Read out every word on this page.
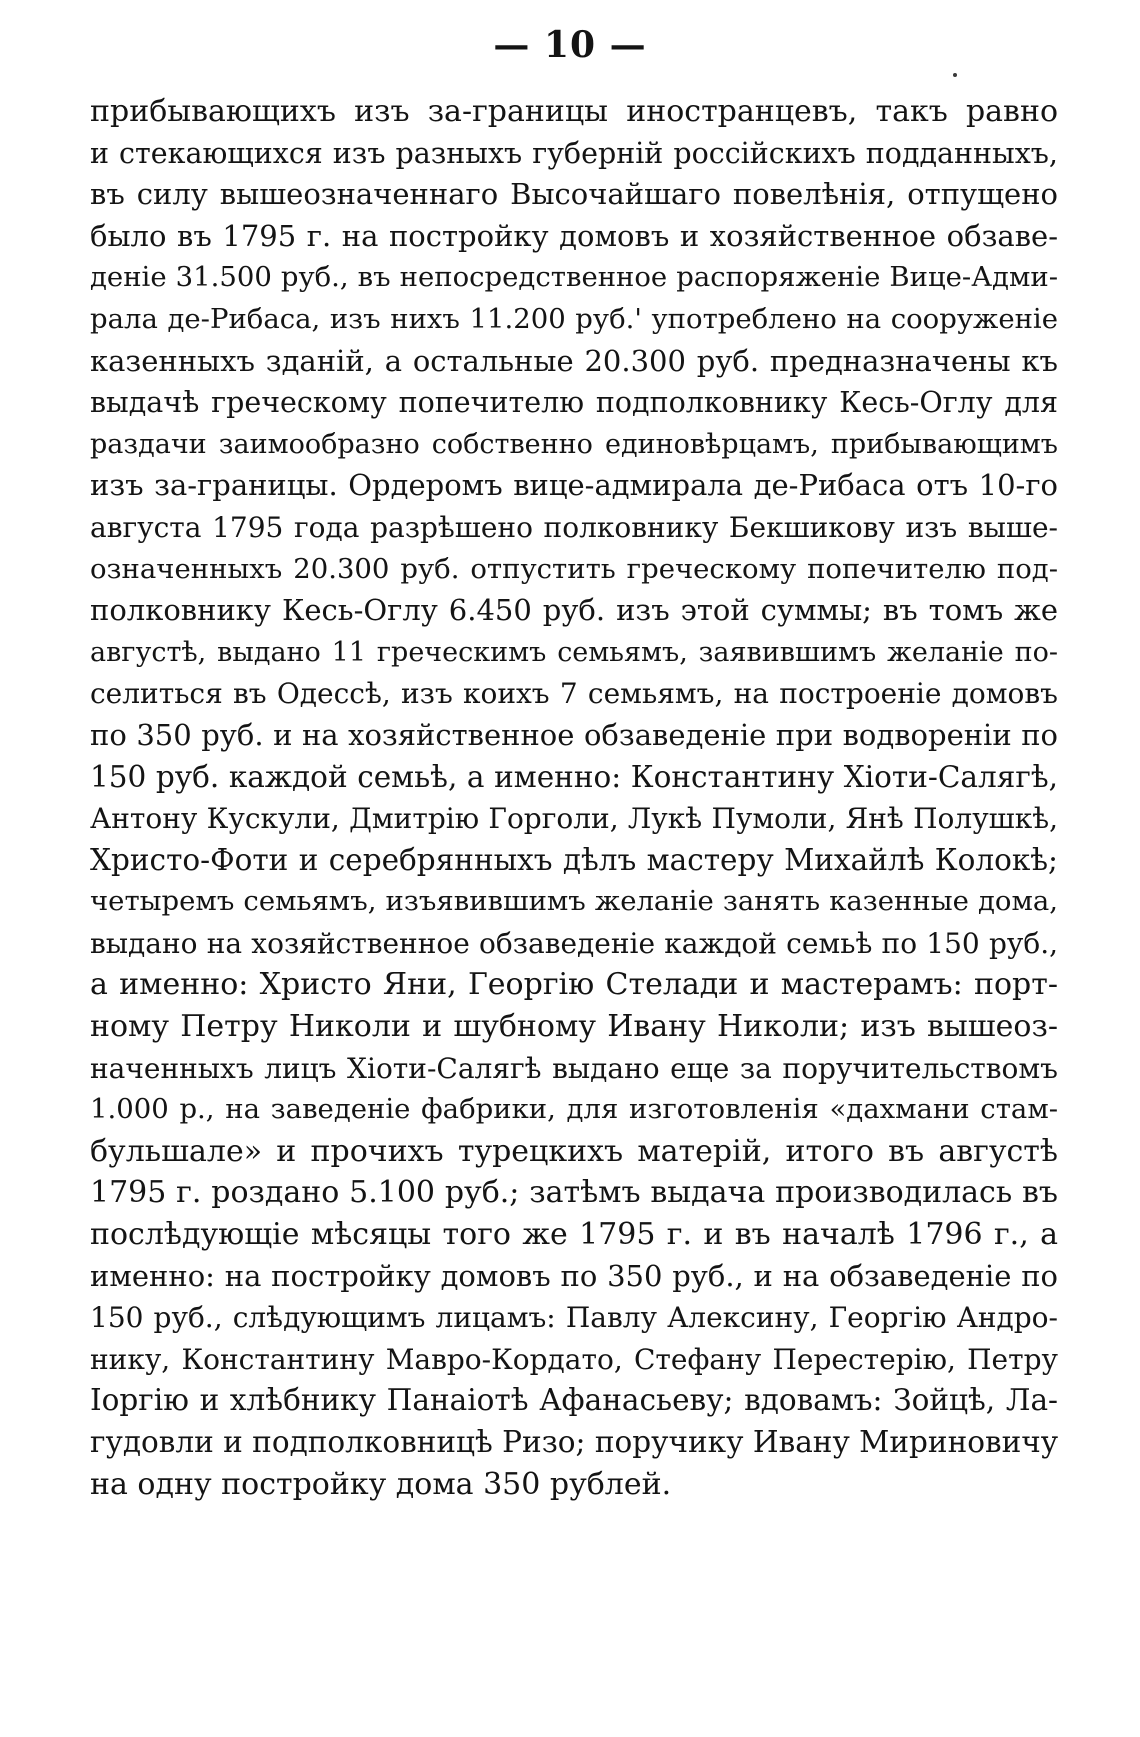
— 10 —
прибывающихъ изъ за-границы иностранцевъ, такъ равно
и стекающихся изъ разныхъ губерній россійскихъ подданныхъ,
въ силу вышеозначеннаго Высочайшаго повелѣнія, отпущено
было въ 1795 г. на постройку домовъ и хозяйственное обзаве-
деніе 31.500 руб., въ непосредственное распоряженіе Вице-Адми-
рала де-Рибаса, изъ нихъ 11.200 руб.' употреблено на сооруженіе
казенныхъ зданій, а остальные 20.300 руб. предназначены къ
выдачѣ греческому попечителю подполковнику Кесь-Оглу для
раздачи заимообразно собственно единовѣрцамъ, прибывающимъ
изъ за-границы. Ордеромъ вице-адмирала де-Рибаса отъ 10-го
августа 1795 года разрѣшено полковнику Бекшикову изъ выше-
означенныхъ 20.300 руб. отпустить греческому попечителю под-
полковнику Кесь-Оглу 6.450 руб. изъ этой суммы; въ томъ же
августѣ, выдано 11 греческимъ семьямъ, заявившимъ желаніе по-
селиться въ Одессѣ, изъ коихъ 7 семьямъ, на построеніе домовъ
по 350 руб. и на хозяйственное обзаведеніе при водвореніи по
150 руб. каждой семьѣ, а именно: Константину Хіоти-Салягѣ,
Антону Кускули, Дмитрію Горголи, Лукѣ Пумоли, Янѣ Полушкѣ,
Христо-Фоти и серебрянныхъ дѣлъ мастеру Михайлѣ Колокѣ;
четыремъ семьямъ, изъявившимъ желаніе занять казенные дома,
выдано на хозяйственное обзаведеніе каждой семьѣ по 150 руб.,
а именно: Христо Яни, Георгію Стелади и мастерамъ: порт-
ному Петру Николи и шубному Ивану Николи; изъ вышеоз-
наченныхъ лицъ Хіоти-Салягѣ выдано еще за поручительствомъ
1.000 р., на заведеніе фабрики, для изготовленія «дахмани стам-
бульшале» и прочихъ турецкихъ матерій, итого въ августѣ
1795 г. роздано 5.100 руб.; затѣмъ выдача производилась въ
послѣдующіе мѣсяцы того же 1795 г. и въ началѣ 1796 г., а
именно: на постройку домовъ по 350 руб., и на обзаведеніе по
150 руб., слѣдующимъ лицамъ: Павлу Алексину, Георгію Андро-
нику, Константину Мавро-Кордато, Стефану Перестерію, Петру
Іоргію и хлѣбнику Панаіотѣ Афанасьеву; вдовамъ: Зойцѣ, Ла-
гудовли и подполковницѣ Ризо; поручику Ивану Мириновичу
на одну постройку дома 350 рублей.
